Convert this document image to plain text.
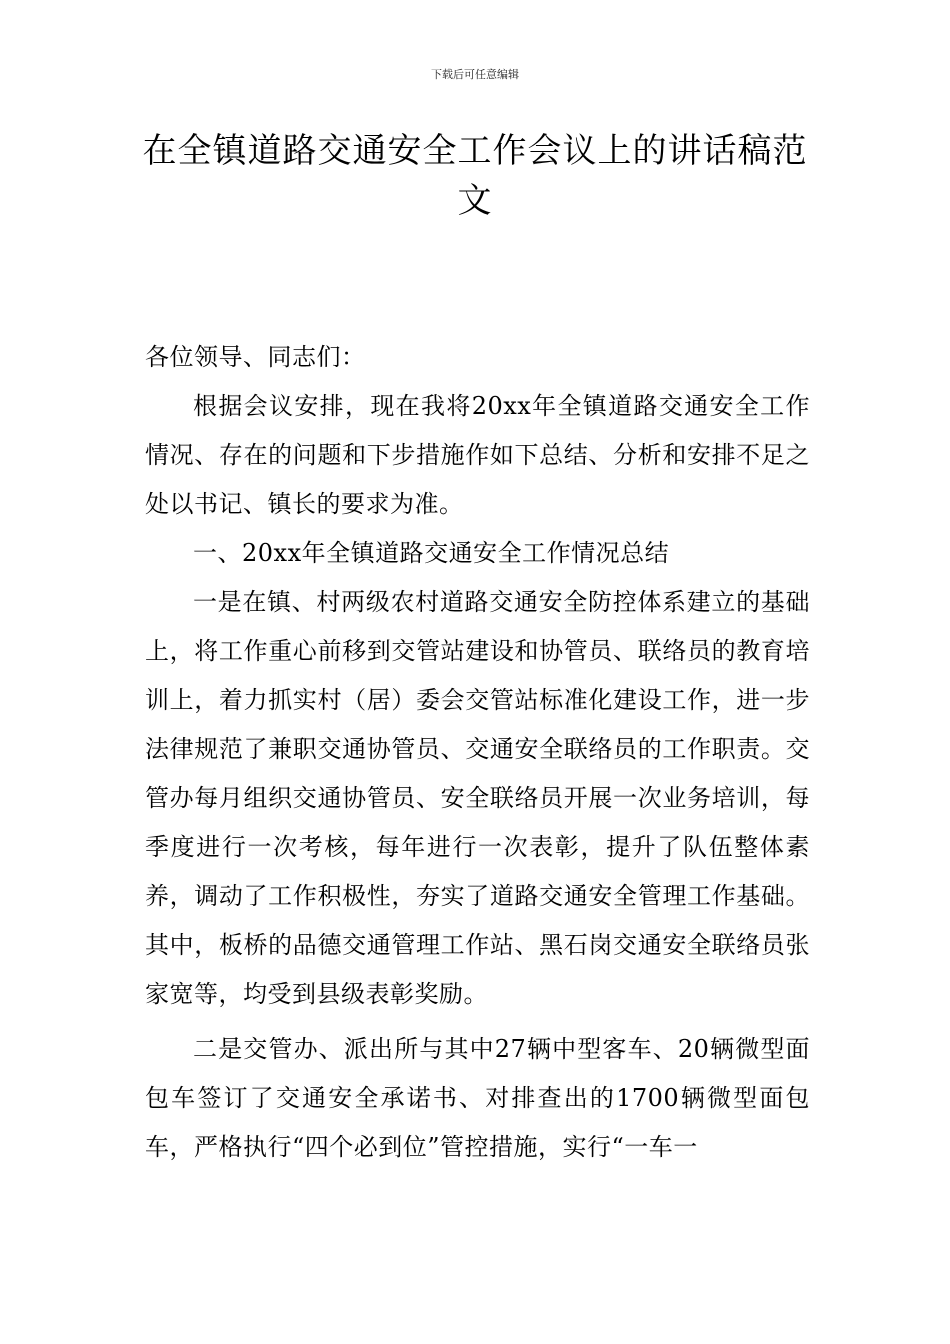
下载后可任意编辑
在全镇道路交通安全工作会议上的讲话稿范文

各位领导、同志们：

根据会议安排，现在我将20xx年全镇道路交通安全工作情况、存在的问题和下步措施作如下总结、分析和安排不足之处以书记、镇长的要求为准。

一、20xx年全镇道路交通安全工作情况总结

一是在镇、村两级农村道路交通安全防控体系建立的基础上，将工作重心前移到交管站建设和协管员、联络员的教育培训上，着力抓实村（居）委会交管站标准化建设工作，进一步法律规范了兼职交通协管员、交通安全联络员的工作职责。交管办每月组织交通协管员、安全联络员开展一次业务培训，每季度进行一次考核，每年进行一次表彰，提升了队伍整体素养，调动了工作积极性，夯实了道路交通安全管理工作基础。其中，板桥的品德交通管理工作站、黑石岗交通安全联络员张家宽等，均受到县级表彰奖励。

二是交管办、派出所与其中27辆中型客车、20辆微型面包车签订了交通安全承诺书、对排查出的1700辆微型面包车，严格执行“四个必到位”管控措施，实行“一车一
